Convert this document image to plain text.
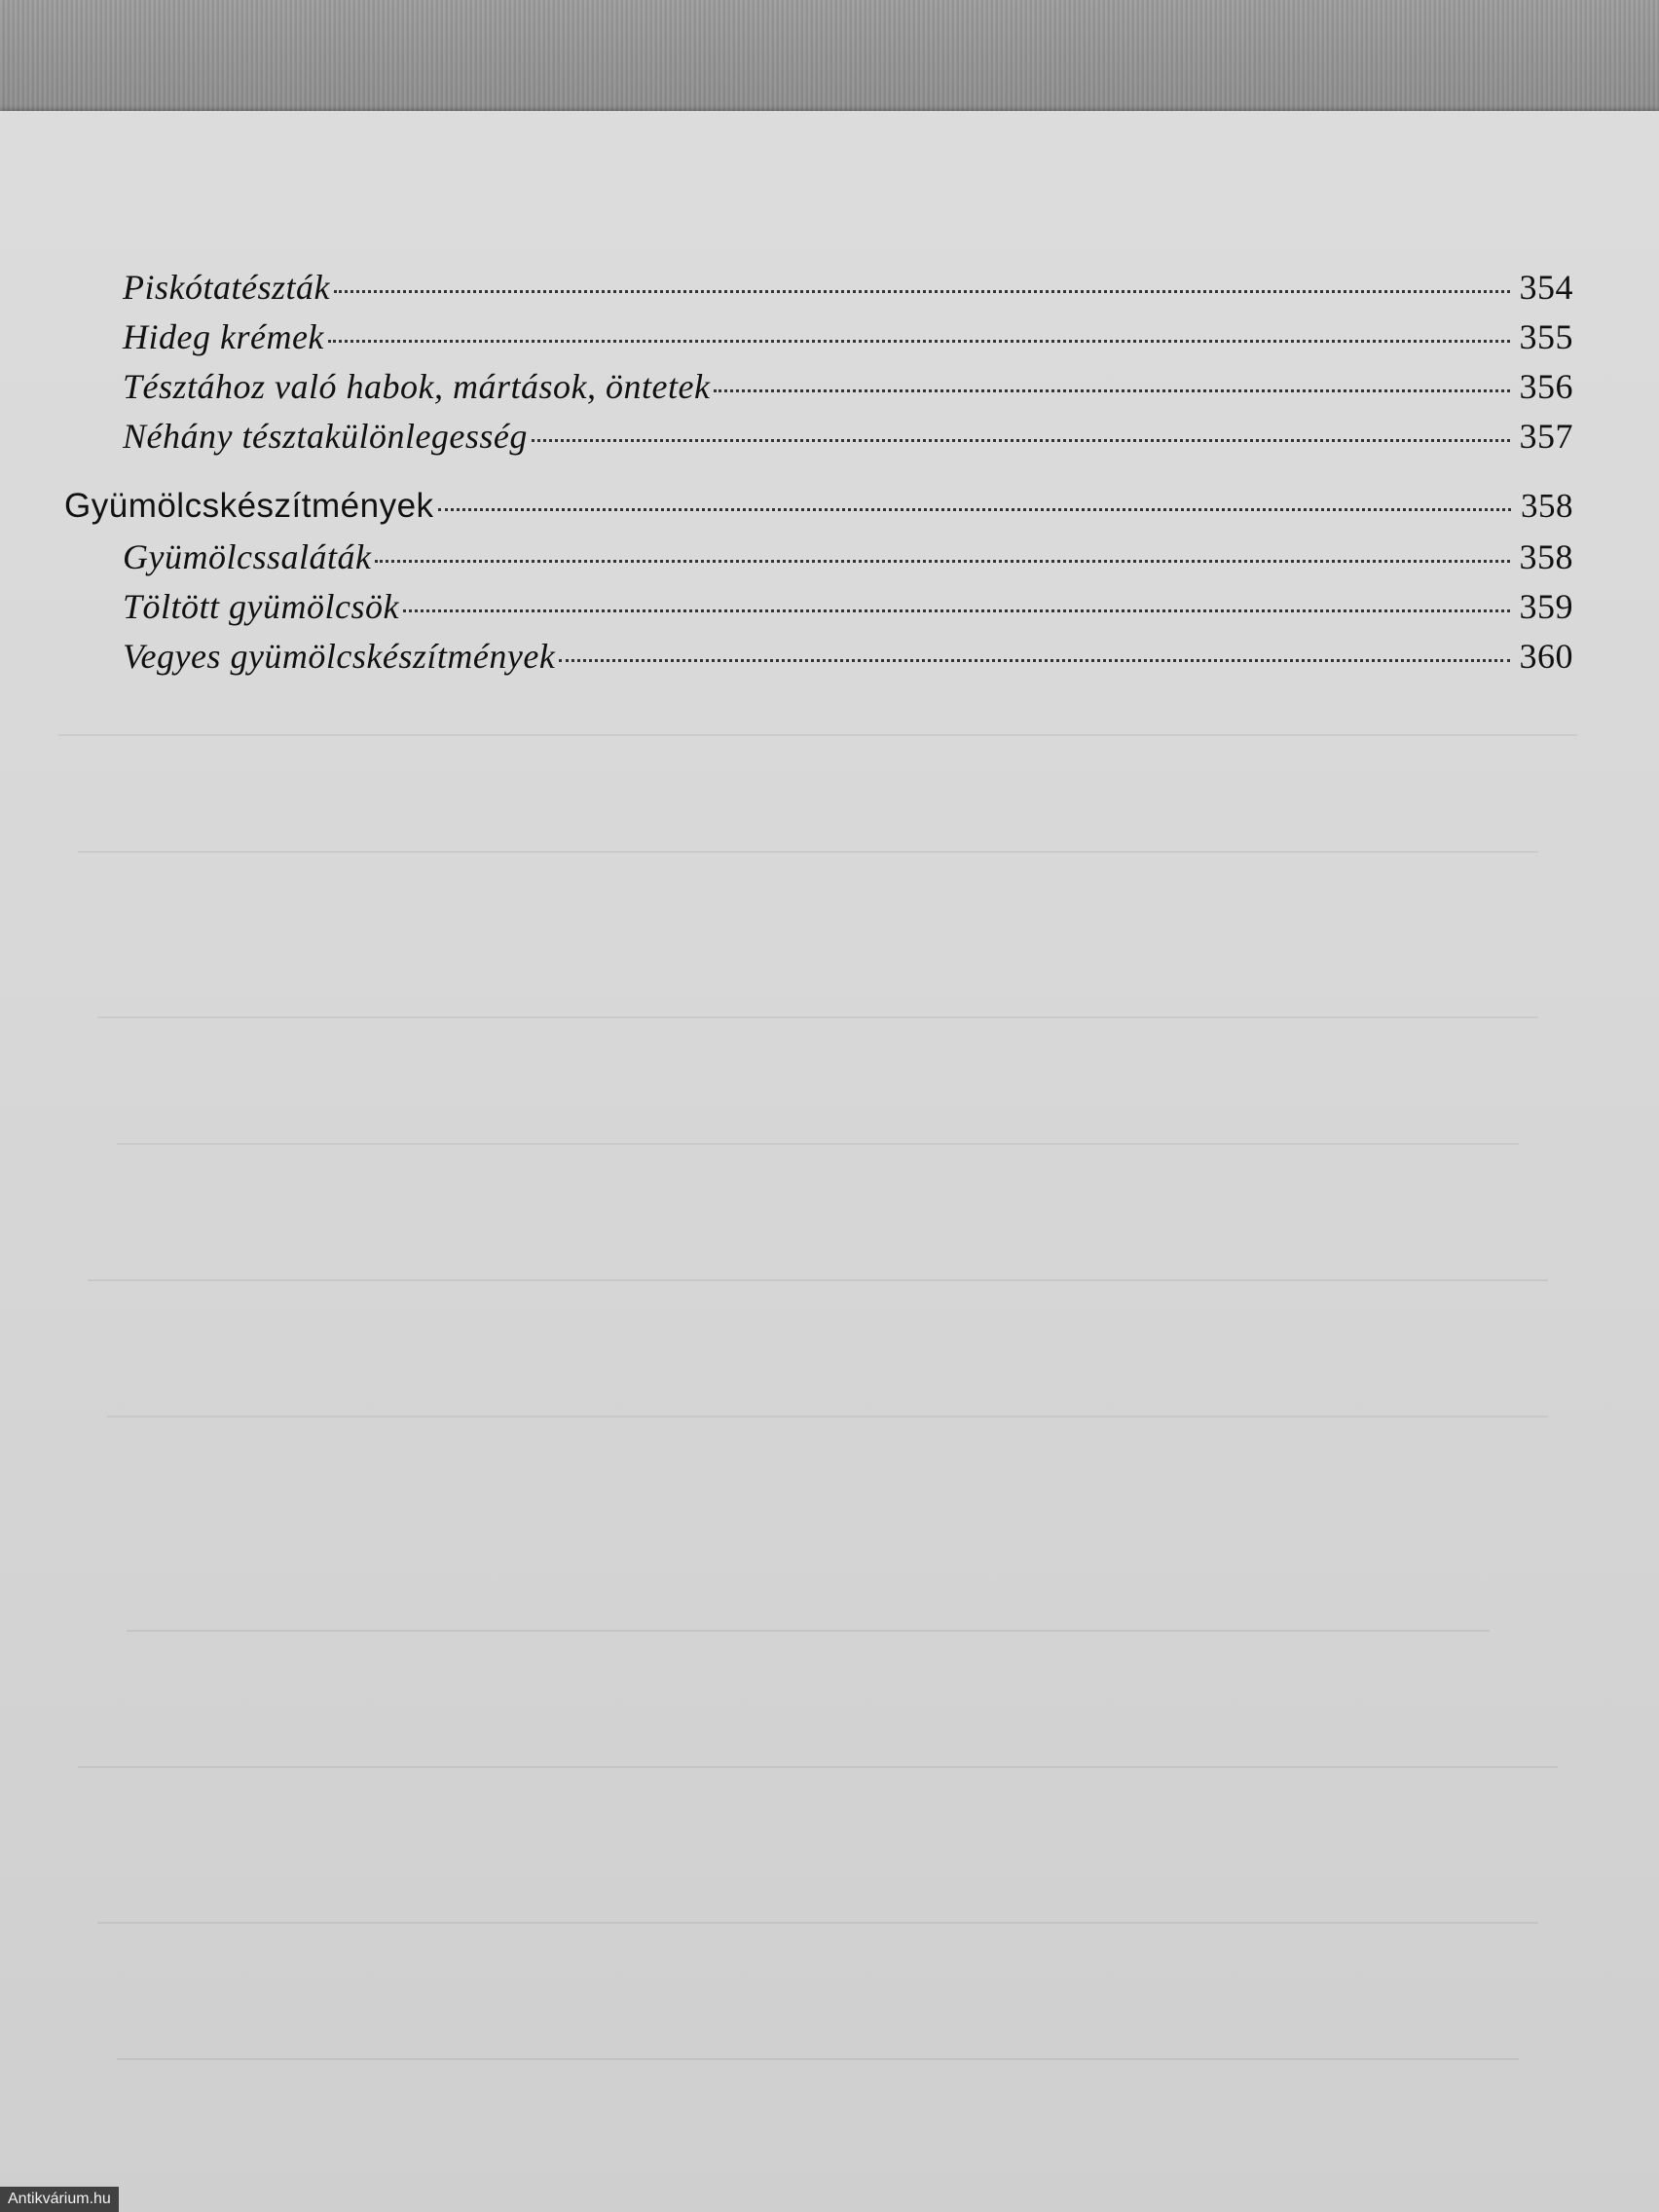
Piskótatészták	354
Hideg krémek	355
Tésztához való habok, mártások, öntetek	356
Néhány tésztakülönlegesség	357
Gyümölcskészítmények	358
Gyümölcssaláták	358
Töltött gyümölcsök	359
Vegyes gyümölcskészítmények	360
Antikvárium.hu
